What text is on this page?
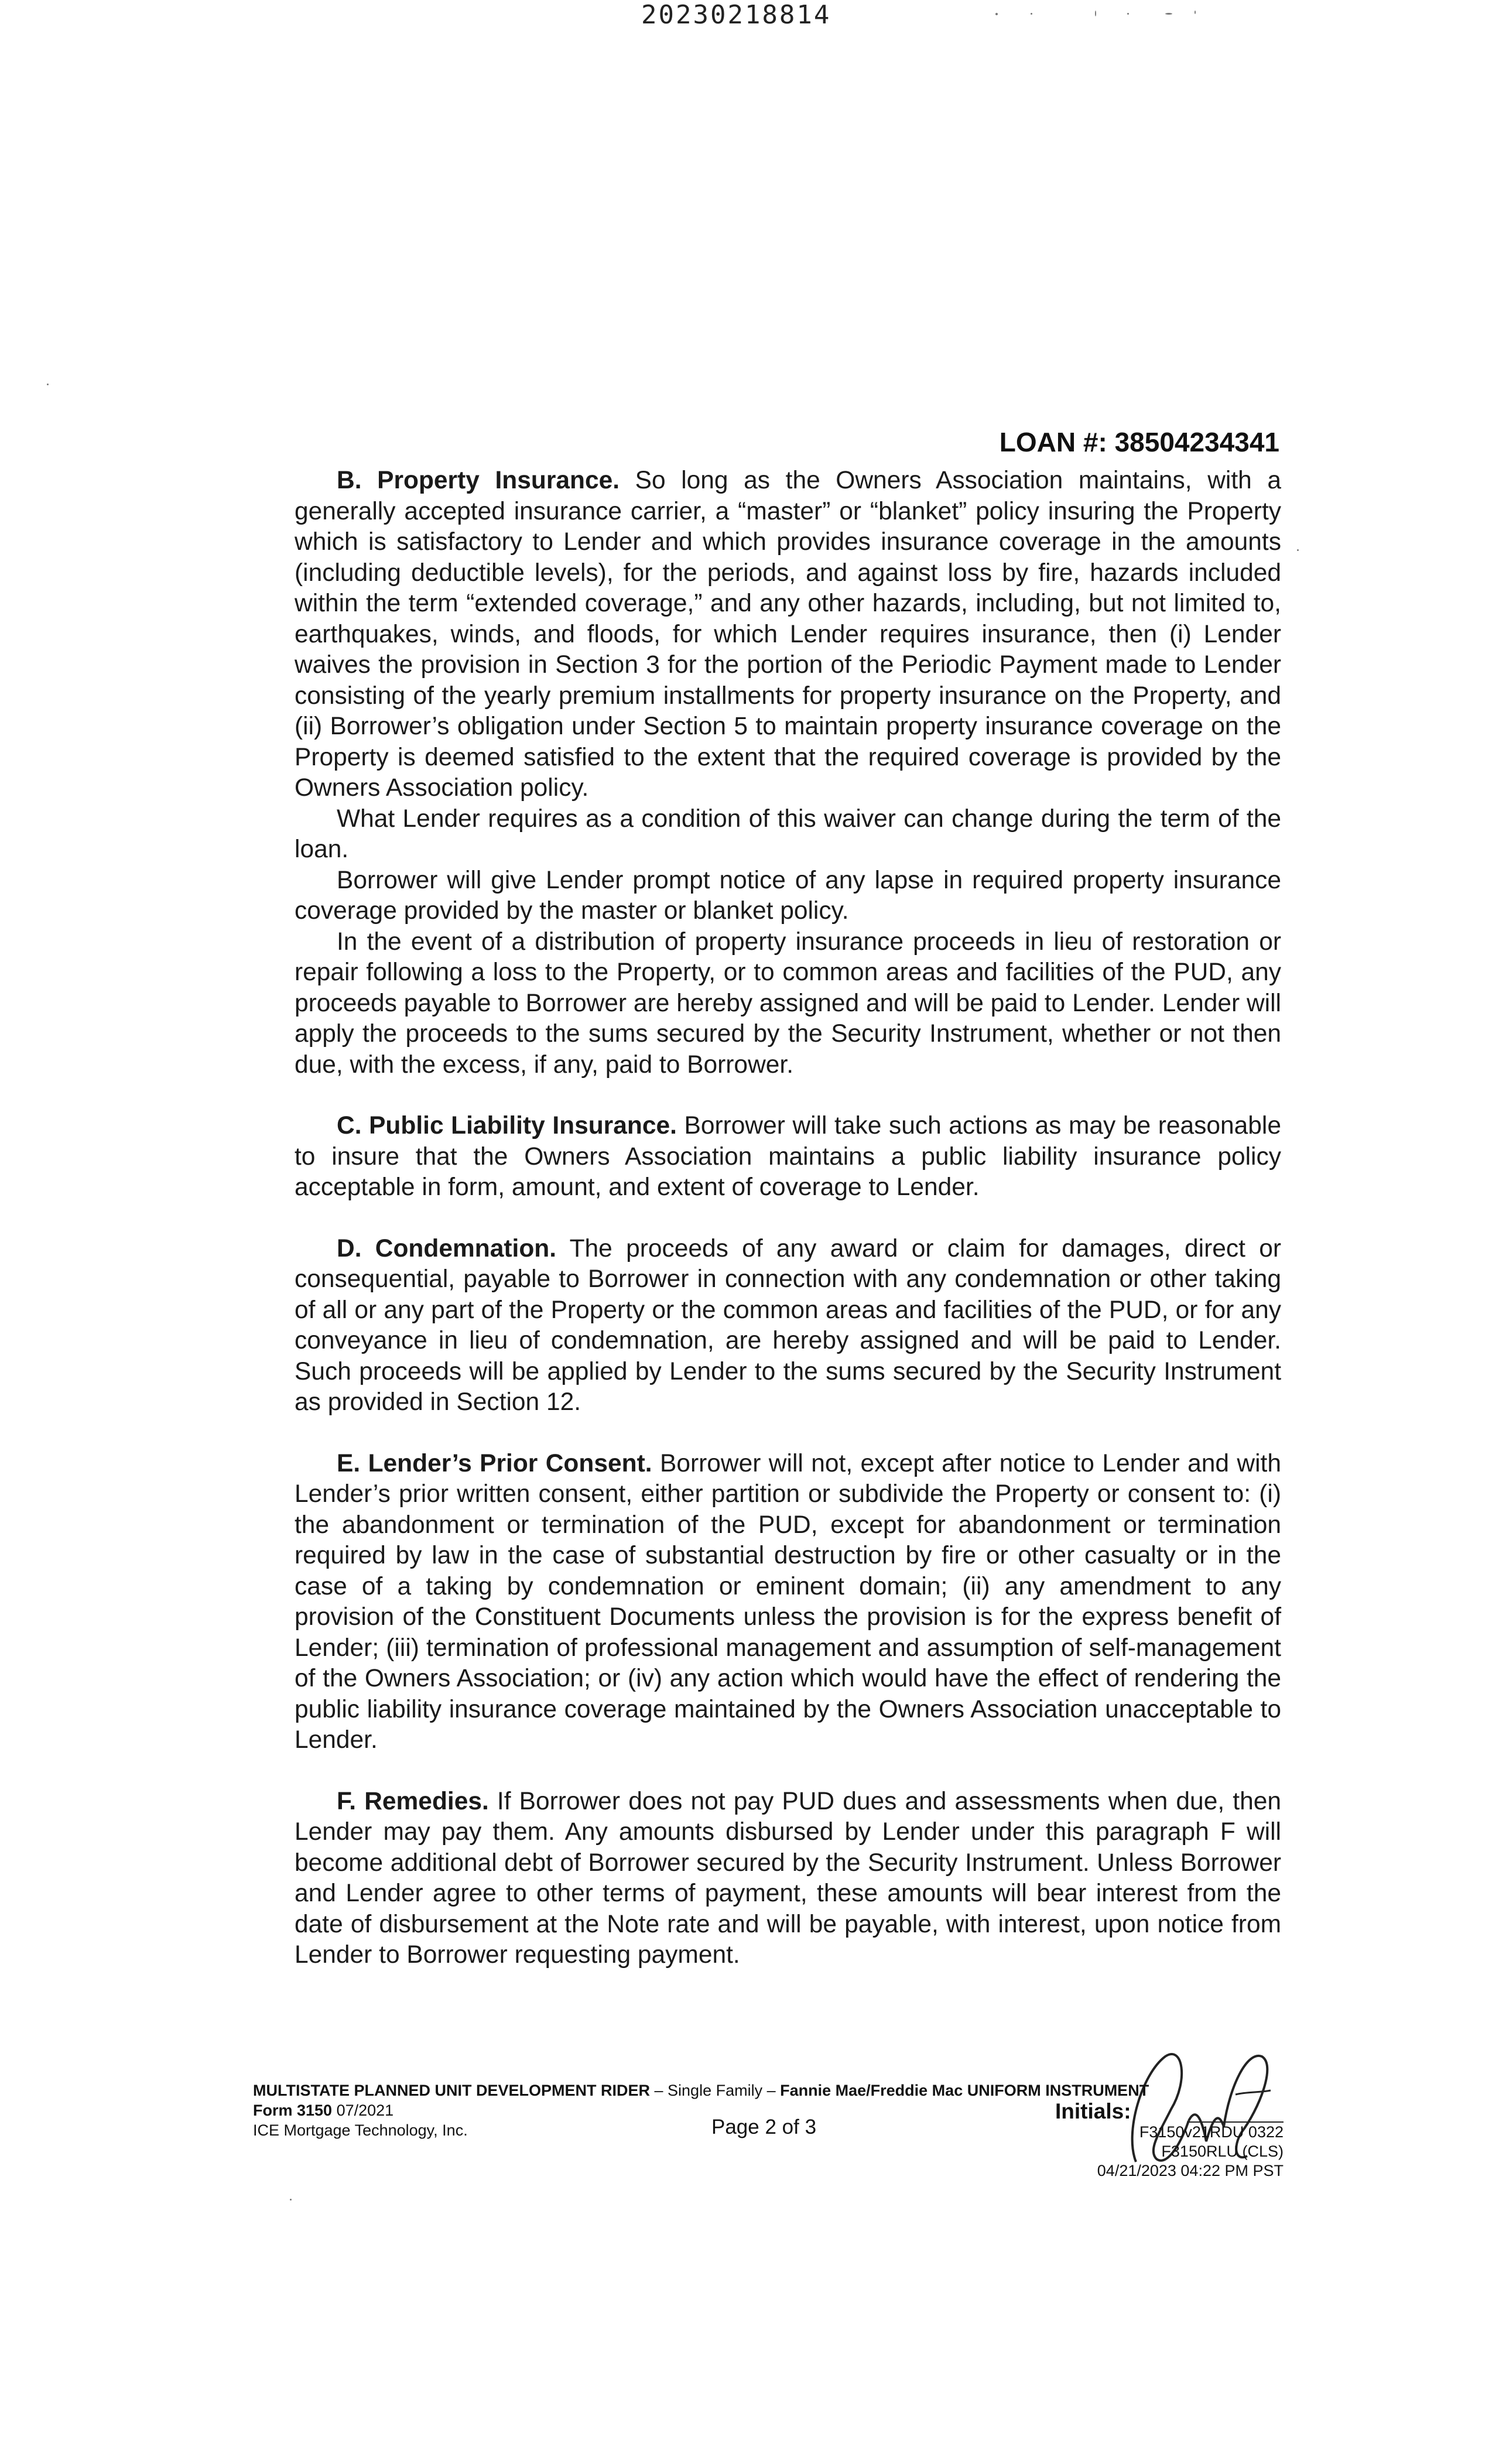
20230218814
LOAN #: 38504234341

B. Property Insurance. So long as the Owners Association maintains, with a generally accepted insurance carrier, a “master” or “blanket” policy insuring the Property which is satisfactory to Lender and which provides insurance coverage in the amounts (including deductible levels), for the periods, and against loss by fire, hazards included within the term “extended coverage,” and any other hazards, including, but not limited to, earthquakes, winds, and floods, for which Lender requires insurance, then (i) Lender waives the provision in Section 3 for the portion of the Periodic Payment made to Lender consisting of the yearly premium installments for property insurance on the Property, and (ii) Borrower’s obligation under Section 5 to maintain property insurance coverage on the Property is deemed satisfied to the extent that the required coverage is provided by the Owners Association policy.

What Lender requires as a condition of this waiver can change during the term of the loan.

Borrower will give Lender prompt notice of any lapse in required property insurance coverage provided by the master or blanket policy.

In the event of a distribution of property insurance proceeds in lieu of restoration or repair following a loss to the Property, or to common areas and facilities of the PUD, any proceeds payable to Borrower are hereby assigned and will be paid to Lender. Lender will apply the proceeds to the sums secured by the Security Instrument, whether or not then due, with the excess, if any, paid to Borrower.

C. Public Liability Insurance. Borrower will take such actions as may be reasonable to insure that the Owners Association maintains a public liability insurance policy acceptable in form, amount, and extent of coverage to Lender.

D. Condemnation. The proceeds of any award or claim for damages, direct or consequential, payable to Borrower in connection with any condemnation or other taking of all or any part of the Property or the common areas and facilities of the PUD, or for any conveyance in lieu of condemnation, are hereby assigned and will be paid to Lender. Such proceeds will be applied by Lender to the sums secured by the Security Instrument as provided in Section 12.

E. Lender’s Prior Consent. Borrower will not, except after notice to Lender and with Lender’s prior written consent, either partition or subdivide the Property or consent to: (i) the abandonment or termination of the PUD, except for abandonment or termination required by law in the case of substantial destruction by fire or other casualty or in the case of a taking by condemnation or eminent domain; (ii) any amendment to any provision of the Constituent Documents unless the provision is for the express benefit of Lender; (iii) termination of professional management and assumption of self-management of the Owners Association; or (iv) any action which would have the effect of rendering the public liability insurance coverage maintained by the Owners Association unacceptable to Lender.

F. Remedies. If Borrower does not pay PUD dues and assessments when due, then Lender may pay them. Any amounts disbursed by Lender under this paragraph F will become additional debt of Borrower secured by the Security Instrument. Unless Borrower and Lender agree to other terms of payment, these amounts will bear interest from the date of disbursement at the Note rate and will be payable, with interest, upon notice from Lender to Borrower requesting payment.

MULTISTATE PLANNED UNIT DEVELOPMENT RIDER – Single Family – Fannie Mae/Freddie Mac UNIFORM INSTRUMENT
Form 3150 07/2021
ICE Mortgage Technology, Inc.	Page 2 of 3
Initials:
F3150v21RDU 0322
F3150RLU (CLS)
04/21/2023 04:22 PM PST
